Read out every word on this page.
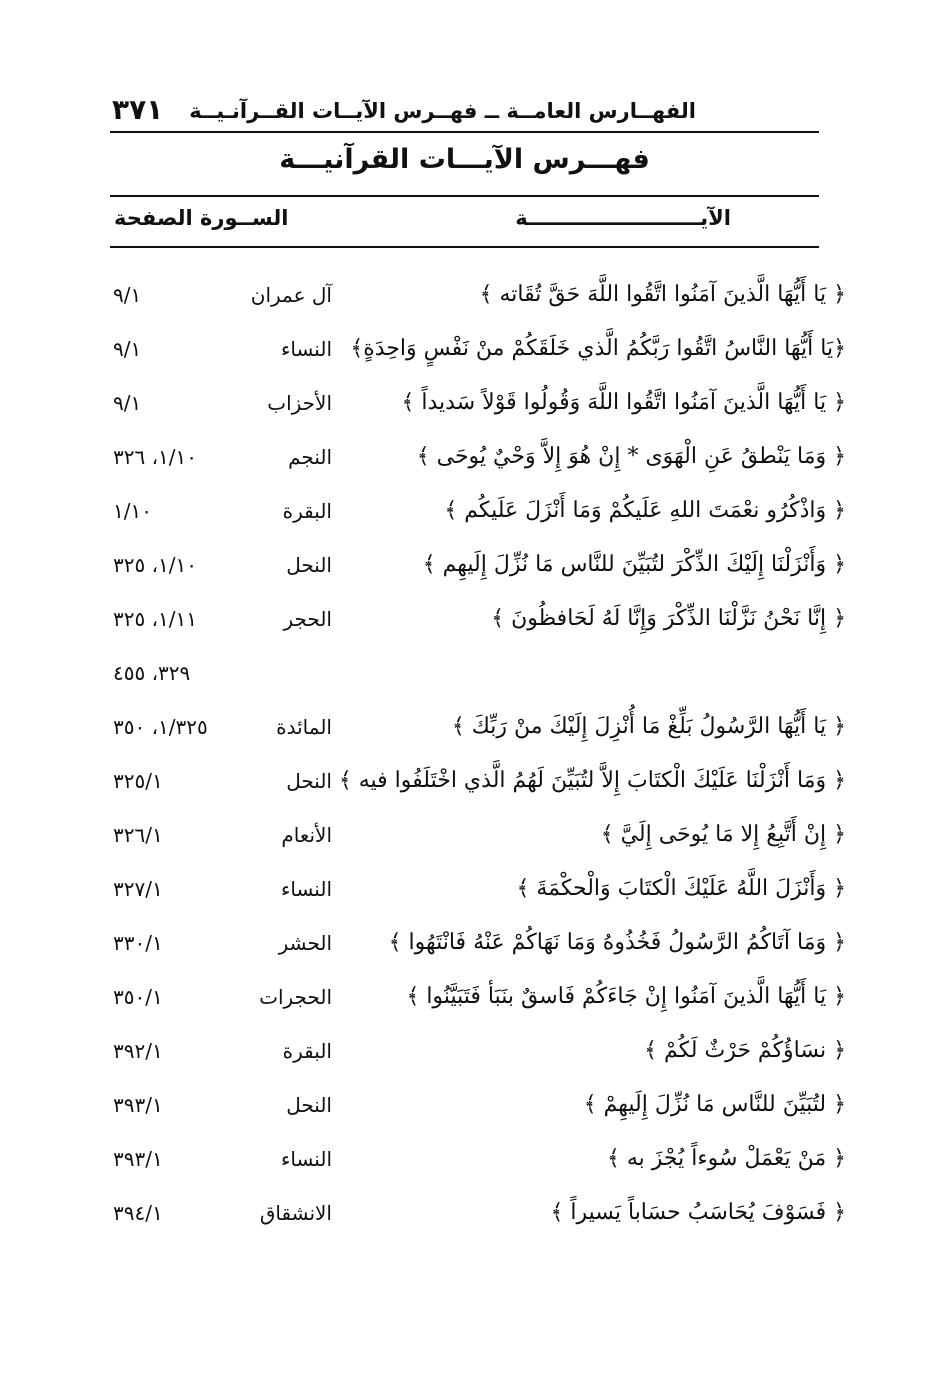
٣٧١ الفهــارس العامــة ــ فهــرس الآيــات القــرآنـيــة
فهـــرس الآيـــات القرآنيـــة
الآيــــــــــــــــــــــــة
الســورة
الصفحة
﴿ يَا أَيُّهَا الَّذينَ آمَنُوا اتَّقُوا اللَّهَ حَقَّ تُقَاته ﴾
آل عمران
٩/١
﴿يَا أَيُّهَا النَّاسُ اتَّقُوا رَبَّكُمُ الَّذي خَلَقَكُمْ منْ نَفْسٍ وَاحِدَةٍ﴾
النساء
٩/١
﴿ يَا أَيُّهَا الَّذينَ آمَنُوا اتَّقُوا اللَّهَ وَقُولُوا قَوْلاً سَديداً ﴾
الأحزاب
٩/١
﴿ وَمَا يَنْطقُ عَنِ الْهَوَى * إِنْ هُوَ إِلاَّ وَحْيٌ يُوحَى ﴾
النجم
١/١٠، ٣٢٦
﴿ وَاذْكُرُو نعْمَتَ اللهِ عَلَيكُمْ وَمَا أَنْزَلَ عَلَيكُم ﴾
البقرة
١/١٠
﴿ وَأَنْزَلْنَا إِلَيْكَ الذِّكْرَ لتُبَيِّنَ للنَّاس مَا نُزِّلَ إِلَيهِم ﴾
النحل
١/١٠، ٣٢٥
﴿ إِنَّا نَحْنُ نَزَّلْنَا الذِّكْرَ وَإِنَّا لَهُ لَحَافظُونَ ﴾
الحجر
١/١١، ٣٢٥
٣٢٩، ٤٥٥
﴿ يَا أَيُّهَا الرَّسُولُ بَلِّغْ مَا أُنْزِلَ إِلَيْكَ منْ رَبِّكَ ﴾
المائدة
١/٣٢٥، ٣٥٠
﴿ وَمَا أَنْزَلْنَا عَلَيْكَ الْكتَابَ إِلاَّ لتُبَيِّنَ لَهُمُ الَّذي اخْتَلَفُوا فيه ﴾
النحل
٣٢٥/١
﴿ إِنْ أَتَّبِعُ إِلا مَا يُوحَى إِلَيَّ ﴾
الأنعام
٣٢٦/١
﴿ وَأَنْزَلَ اللَّهُ عَلَيْكَ الْكتَابَ وَالْحكْمَةَ ﴾
النساء
٣٢٧/١
﴿ وَمَا آتَاكُمُ الرَّسُولُ فَخُذُوهُ وَمَا نَهَاكُمْ عَنْهُ فَانْتَهُوا ﴾
الحشر
٣٣٠/١
﴿ يَا أَيُّهَا الَّذينَ آمَنُوا إِنْ جَاءَكُمْ فَاسقٌ بنَبَأ فَتَبَيَّنُوا ﴾
الحجرات
٣٥٠/١
﴿ نسَاؤُكُمْ حَرْثٌ لَكُمْ ﴾
البقرة
٣٩٢/١
﴿ لتُبَيِّنَ للنَّاس مَا نُزِّلَ إِلَيهِمْ ﴾
النحل
٣٩٣/١
﴿ مَنْ يَعْمَلْ سُوءاً يُجْزَ به ﴾
النساء
٣٩٣/١
﴿ فَسَوْفَ يُحَاسَبُ حسَاباً يَسيراً ﴾
الانشقاق
٣٩٤/١
